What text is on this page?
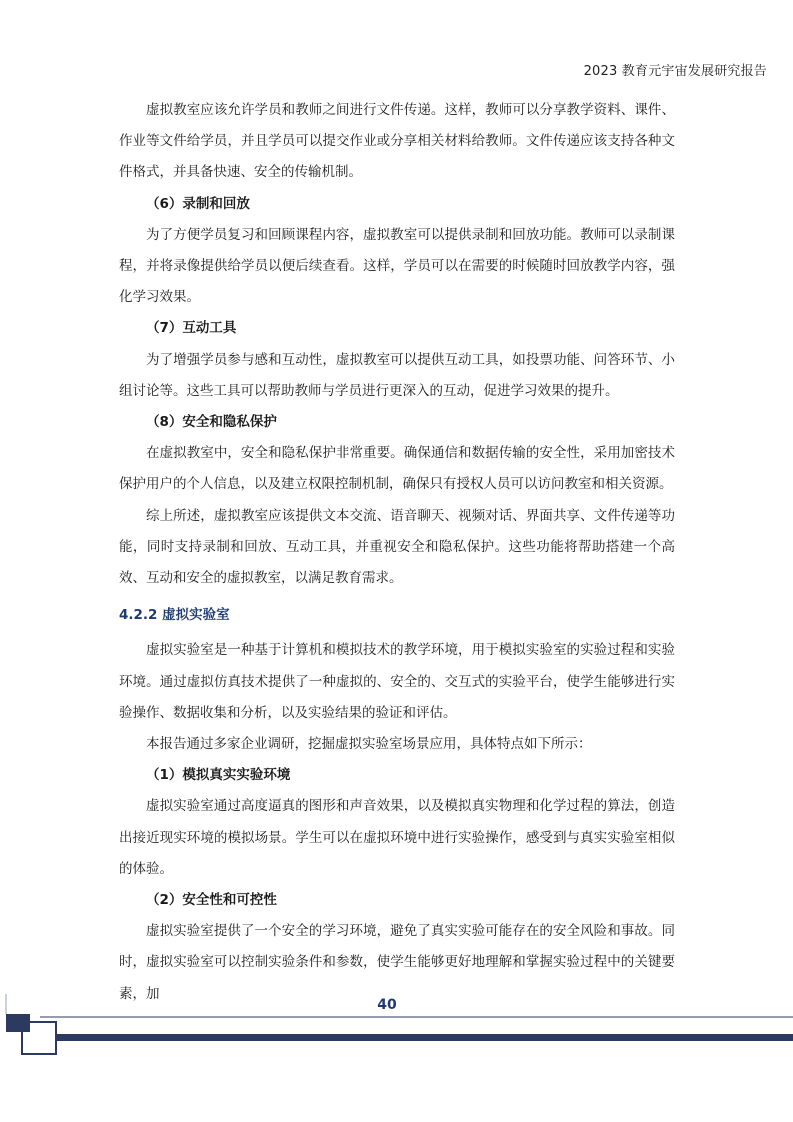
2023 教育元宇宙发展研究报告

虚拟教室应该允许学员和教师之间进行文件传递。这样，教师可以分享教学资料、课件、作业等文件给学员，并且学员可以提交作业或分享相关材料给教师。文件传递应该支持各种文件格式，并具备快速、安全的传输机制。

（6）录制和回放

为了方便学员复习和回顾课程内容，虚拟教室可以提供录制和回放功能。教师可以录制课程，并将录像提供给学员以便后续查看。这样，学员可以在需要的时候随时回放教学内容，强化学习效果。

（7）互动工具

为了增强学员参与感和互动性，虚拟教室可以提供互动工具，如投票功能、问答环节、小组讨论等。这些工具可以帮助教师与学员进行更深入的互动，促进学习效果的提升。

（8）安全和隐私保护

在虚拟教室中，安全和隐私保护非常重要。确保通信和数据传输的安全性，采用加密技术保护用户的个人信息，以及建立权限控制机制，确保只有授权人员可以访问教室和相关资源。

综上所述，虚拟教室应该提供文本交流、语音聊天、视频对话、界面共享、文件传递等功能，同时支持录制和回放、互动工具，并重视安全和隐私保护。这些功能将帮助搭建一个高效、互动和安全的虚拟教室，以满足教育需求。

4.2.2 虚拟实验室

虚拟实验室是一种基于计算机和模拟技术的教学环境，用于模拟实验室的实验过程和实验环境。通过虚拟仿真技术提供了一种虚拟的、安全的、交互式的实验平台，使学生能够进行实验操作、数据收集和分析，以及实验结果的验证和评估。

本报告通过多家企业调研，挖掘虚拟实验室场景应用，具体特点如下所示：

（1）模拟真实实验环境

虚拟实验室通过高度逼真的图形和声音效果，以及模拟真实物理和化学过程的算法，创造出接近现实环境的模拟场景。学生可以在虚拟环境中进行实验操作，感受到与真实实验室相似的体验。

（2）安全性和可控性

虚拟实验室提供了一个安全的学习环境，避免了真实实验可能存在的安全风险和事故。同时，虚拟实验室可以控制实验条件和参数，使学生能够更好地理解和掌握实验过程中的关键要素，加

40
